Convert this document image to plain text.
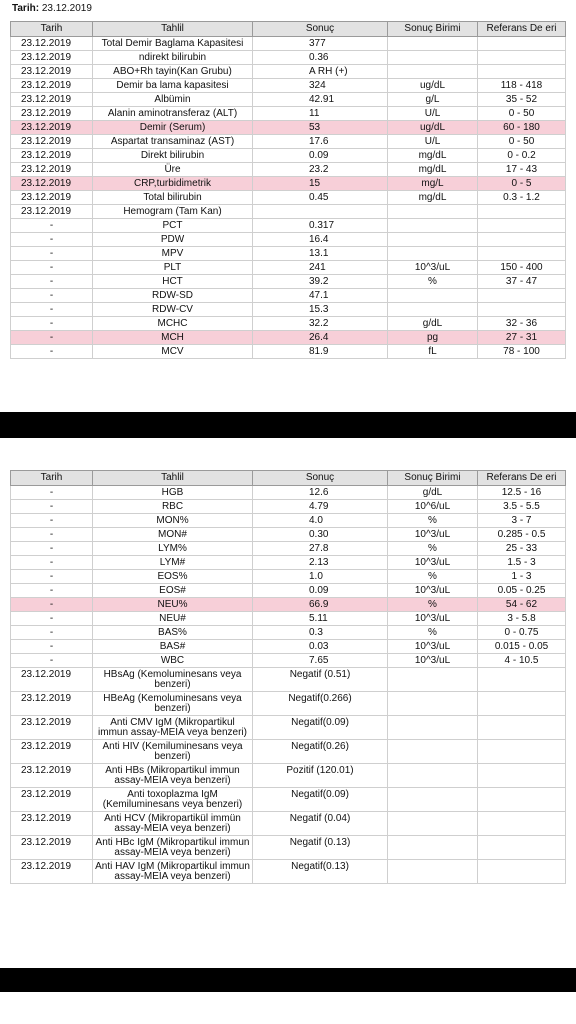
Tarih: 23.12.2019
Tarih	Tahlil	Sonuç	Sonuç Birimi	Referans De eri
23.12.2019	Total Demir Baglama Kapasitesi	377		
23.12.2019	ndirekt bilirubin	0.36		
23.12.2019	ABO+Rh tayin(Kan Grubu)	A RH (+)		
23.12.2019	Demir ba lama kapasitesi	324	ug/dL	118 - 418
23.12.2019	Albümin	42.91	g/L	35 - 52
23.12.2019	Alanin aminotransferaz (ALT)	11	U/L	0 - 50
23.12.2019	Demir (Serum)	53	ug/dL	60 - 180
23.12.2019	Aspartat transaminaz (AST)	17.6	U/L	0 - 50
23.12.2019	Direkt bilirubin	0.09	mg/dL	0 - 0.2
23.12.2019	Üre	23.2	mg/dL	17 - 43
23.12.2019	CRP,turbidimetrik	15	mg/L	0 - 5
23.12.2019	Total bilirubin	0.45	mg/dL	0.3 - 1.2
23.12.2019	Hemogram (Tam Kan)			
-	PCT	0.317		
-	PDW	16.4		
-	MPV	13.1		
-	PLT	241	10^3/uL	150 - 400
-	HCT	39.2	%	37 - 47
-	RDW-SD	47.1		
-	RDW-CV	15.3		
-	MCHC	32.2	g/dL	32 - 36
-	MCH	26.4	pg	27 - 31
-	MCV	81.9	fL	78 - 100
Tarih	Tahlil	Sonuç	Sonuç Birimi	Referans De eri
-	HGB	12.6	g/dL	12.5 - 16
-	RBC	4.79	10^6/uL	3.5 - 5.5
-	MON%	4.0	%	3 - 7
-	MON#	0.30	10^3/uL	0.285 - 0.5
-	LYM%	27.8	%	25 - 33
-	LYM#	2.13	10^3/uL	1.5 - 3
-	EOS%	1.0	%	1 - 3
-	EOS#	0.09	10^3/uL	0.05 - 0.25
-	NEU%	66.9	%	54 - 62
-	NEU#	5.11	10^3/uL	3 - 5.8
-	BAS%	0.3	%	0 - 0.75
-	BAS#	0.03	10^3/uL	0.015 - 0.05
-	WBC	7.65	10^3/uL	4 - 10.5
23.12.2019	HBsAg (Kemoluminesans veya benzeri)	Negatif (0.51)		
23.12.2019	HBeAg (Kemoluminesans veya benzeri)	Negatif(0.266)		
23.12.2019	Anti CMV IgM (Mikropartikul immun assay-MEIA veya benzeri)	Negatif(0.09)		
23.12.2019	Anti HIV (Kemiluminesans veya benzeri)	Negatif(0.26)		
23.12.2019	Anti HBs (Mikropartikul immun assay-MEIA veya benzeri)	Pozitif (120.01)		
23.12.2019	Anti toxoplazma IgM (Kemiluminesans veya benzeri)	Negatif(0.09)		
23.12.2019	Anti HCV (Mikropartikül immün assay-MEIA veya benzeri)	Negatif (0.04)		
23.12.2019	Anti HBc IgM (Mikropartikul immun assay-MEIA veya benzeri)	Negatif (0.13)		
23.12.2019	Anti HAV IgM (Mikropartikul immun assay-MEIA veya benzeri)	Negatif(0.13)		
